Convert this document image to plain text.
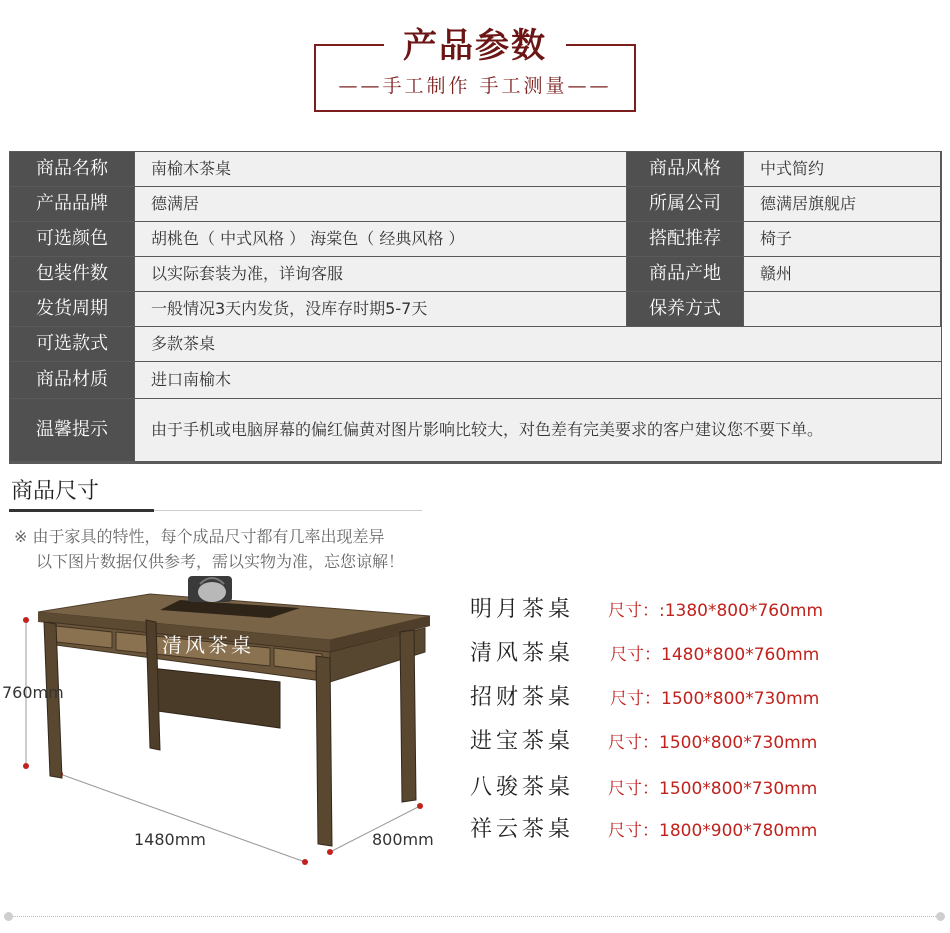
产品参数
——手工制作 手工测量——
商品名称	南榆木茶桌	商品风格	中式简约
产品品牌	德满居	所属公司	德满居旗舰店
可选颜色	胡桃色（ 中式风格 ） 海棠色（ 经典风格 ）	搭配推荐	椅子
包装件数	以实际套装为准，详询客服	商品产地	赣州
发货周期	一般情况3天内发货，没库存时期5-7天	保养方式
可选款式	多款茶桌
商品材质	进口南榆木
温馨提示	由于手机或电脑屏幕的偏红偏黄对图片影响比较大，对色差有完美要求的客户建议您不要下单。
商品尺寸
※ 由于家具的特性，每个成品尺寸都有几率出现差异
以下图片数据仅供参考，需以实物为准，忘您谅解！
清风茶桌
760mm
1480mm	800mm
明月茶桌	尺寸：:1380*800*760mm
清风茶桌	尺寸：1480*800*760mm
招财茶桌	尺寸：1500*800*730mm
进宝茶桌	尺寸：1500*800*730mm
八骏茶桌	尺寸：1500*800*730mm
祥云茶桌	尺寸：1800*900*780mm
